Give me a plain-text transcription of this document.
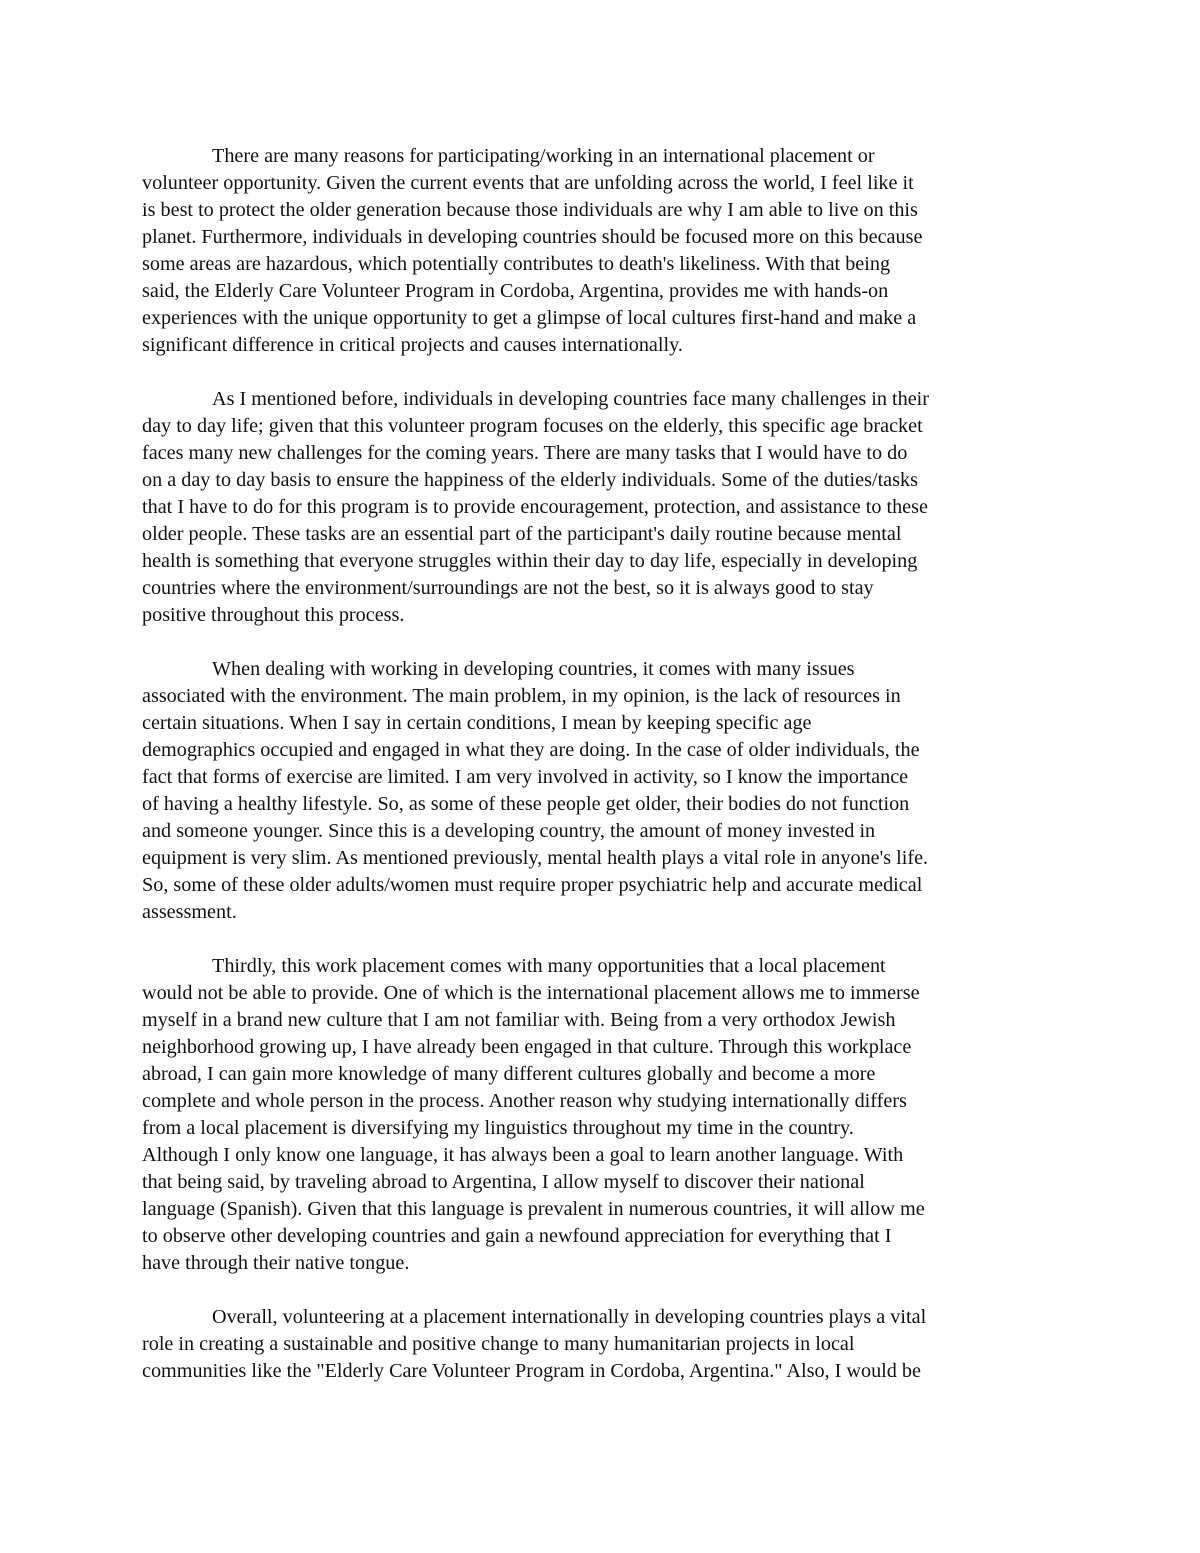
There are many reasons for participating/working in an international placement or
volunteer opportunity. Given the current events that are unfolding across the world, I feel like it
is best to protect the older generation because those individuals are why I am able to live on this
planet. Furthermore, individuals in developing countries should be focused more on this because
some areas are hazardous, which potentially contributes to death's likeliness. With that being
said, the Elderly Care Volunteer Program in Cordoba, Argentina, provides me with hands-on
experiences with the unique opportunity to get a glimpse of local cultures first-hand and make a
significant difference in critical projects and causes internationally.

As I mentioned before, individuals in developing countries face many challenges in their
day to day life; given that this volunteer program focuses on the elderly, this specific age bracket
faces many new challenges for the coming years. There are many tasks that I would have to do
on a day to day basis to ensure the happiness of the elderly individuals. Some of the duties/tasks
that I have to do for this program is to provide encouragement, protection, and assistance to these
older people. These tasks are an essential part of the participant's daily routine because mental
health is something that everyone struggles within their day to day life, especially in developing
countries where the environment/surroundings are not the best, so it is always good to stay
positive throughout this process.

When dealing with working in developing countries, it comes with many issues
associated with the environment. The main problem, in my opinion, is the lack of resources in
certain situations. When I say in certain conditions, I mean by keeping specific age
demographics occupied and engaged in what they are doing. In the case of older individuals, the
fact that forms of exercise are limited. I am very involved in activity, so I know the importance
of having a healthy lifestyle. So, as some of these people get older, their bodies do not function
and someone younger. Since this is a developing country, the amount of money invested in
equipment is very slim. As mentioned previously, mental health plays a vital role in anyone's life.
So, some of these older adults/women must require proper psychiatric help and accurate medical
assessment.

Thirdly, this work placement comes with many opportunities that a local placement
would not be able to provide. One of which is the international placement allows me to immerse
myself in a brand new culture that I am not familiar with. Being from a very orthodox Jewish
neighborhood growing up, I have already been engaged in that culture. Through this workplace
abroad, I can gain more knowledge of many different cultures globally and become a more
complete and whole person in the process. Another reason why studying internationally differs
from a local placement is diversifying my linguistics throughout my time in the country.
Although I only know one language, it has always been a goal to learn another language. With
that being said, by traveling abroad to Argentina, I allow myself to discover their national
language (Spanish). Given that this language is prevalent in numerous countries, it will allow me
to observe other developing countries and gain a newfound appreciation for everything that I
have through their native tongue.

Overall, volunteering at a placement internationally in developing countries plays a vital
role in creating a sustainable and positive change to many humanitarian projects in local
communities like the "Elderly Care Volunteer Program in Cordoba, Argentina." Also, I would be
